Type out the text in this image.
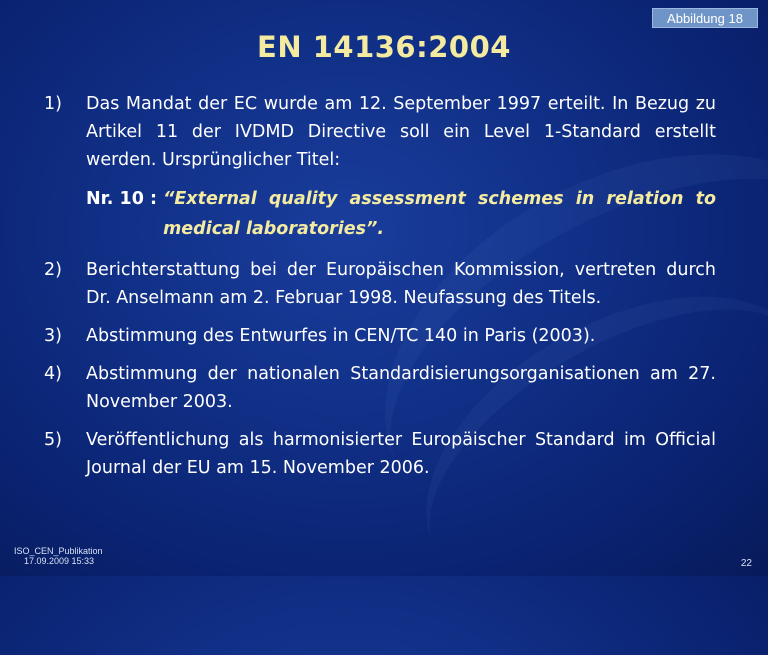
Abbildung 18
EN 14136:2004
1)	Das Mandat der EC wurde am 12. September 1997 erteilt. In Bezug zu Artikel 11 der IVDMD Directive soll ein Level 1-Standard erstellt werden. Ursprünglicher Titel:
Nr. 10 : “External quality assessment schemes in relation to medical laboratories”.
2)	Berichterstattung bei der Europäischen Kommission, vertreten durch Dr. Anselmann am 2. Februar 1998. Neufassung des Titels.
3)	Abstimmung des Entwurfes in CEN/TC 140 in Paris (2003).
4)	Abstimmung der nationalen Standardisierungsorganisationen am 27. November 2003.
5)	Veröffentlichung als harmonisierter Europäischer Standard im Official Journal der EU am 15. November 2006.
ISO_CEN_Publikation
17.09.2009 15:33	22
